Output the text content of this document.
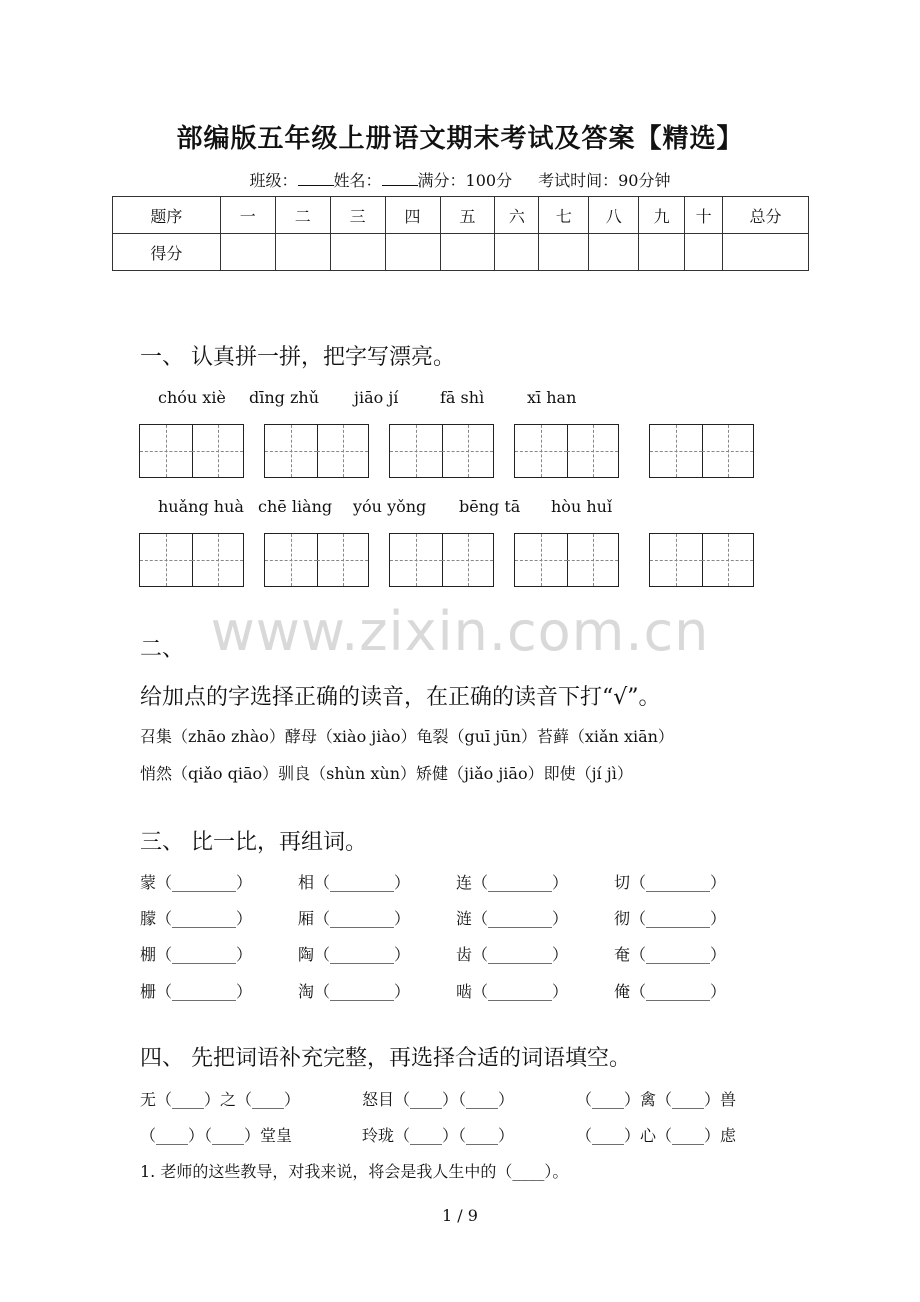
部编版五年级上册语文期末考试及答案【精选】
班级： 姓名： 满分：100分 考试时间：90分钟
题序	一	二	三	四	五	六	七	八	九	十	总分
得分											
一、 认真拼一拼，把字写漂亮。
chóu xiè dīng zhǔ jiāo jí	fā shì	xī han
huǎng huà chē liàng yóu yǒng bēng tā hòu huǐ
www.zixin.com.cn
二、
给加点的字选择正确的读音，在正确的读音下打“√”。
召集（zhāo zhào）酵母（xiào jiào）龟裂（guī jūn）苔藓（xiǎn xiān）
悄然（qiǎo qiāo）驯良（shùn xùn）矫健（jiǎo jiāo）即使（jí jì）
三、 比一比，再组词。
蒙（________）	相（________）	连（________）	切（________）
朦（________）	厢（________）	涟（________）	彻（________）
棚（________）	陶（________）	齿（________）	奄（________）
栅（________）	淘（________）	啮（________）	俺（________）
四、 先把词语补充完整，再选择合适的词语填空。
无（____）之（____）	怒目（____）（____）	（____）禽（____）兽
（____）（____）堂皇	玲珑（____）（____）	（____）心（____）虑
1. 老师的这些教导，对我来说，将会是我人生中的（____）。
1 / 9
